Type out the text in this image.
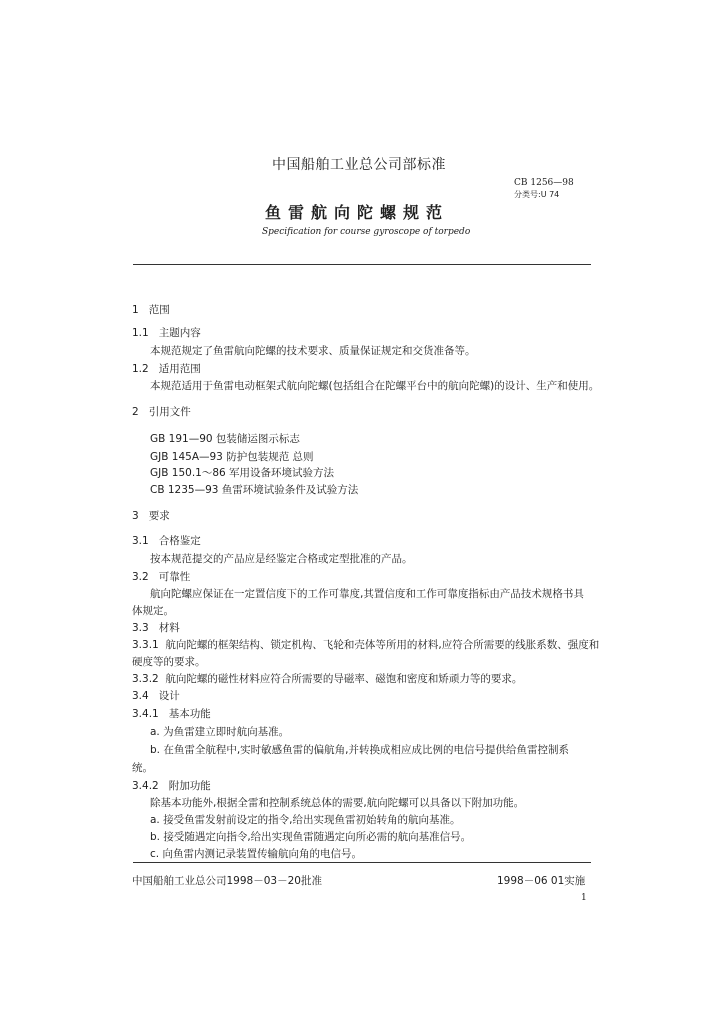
中国船舶工业总公司部标准
CB 1256—98
分类号:U 74
鱼雷航向陀螺规范
Specification for course gyroscope of torpedo
1 范围
1.1 主题内容
本规范规定了鱼雷航向陀螺的技术要求、质量保证规定和交货准备等。
1.2 适用范围
本规范适用于鱼雷电动框架式航向陀螺(包括组合在陀螺平台中的航向陀螺)的设计、生产和使用。
2 引用文件
GB 191—90 包装储运图示标志
GJB 145A—93 防护包装规范 总则
GJB 150.1～86 军用设备环境试验方法
CB 1235—93 鱼雷环境试验条件及试验方法
3 要求
3.1 合格鉴定
按本规范提交的产品应是经鉴定合格或定型批准的产品。
3.2 可靠性
航向陀螺应保证在一定置信度下的工作可靠度,其置信度和工作可靠度指标由产品技术规格书具
体规定。
3.3 材料
3.3.1 航向陀螺的框架结构、锁定机构、飞轮和壳体等所用的材料,应符合所需要的线胀系数、强度和
硬度等的要求。
3.3.2 航向陀螺的磁性材料应符合所需要的导磁率、磁饱和密度和矫顽力等的要求。
3.4 设计
3.4.1 基本功能
a. 为鱼雷建立即时航向基准。
b. 在鱼雷全航程中,实时敏感鱼雷的偏航角,并转换成相应成比例的电信号提供给鱼雷控制系
统。
3.4.2 附加功能
除基本功能外,根据全雷和控制系统总体的需要,航向陀螺可以具备以下附加功能。
a. 接受鱼雷发射前设定的指令,给出实现鱼雷初始转角的航向基准。
b. 接受随遇定向指令,给出实现鱼雷随遇定向所必需的航向基准信号。
c. 向鱼雷内测记录装置传输航向角的电信号。
中国船舶工业总公司1998－03－20批准	1998－06 01实施
1
